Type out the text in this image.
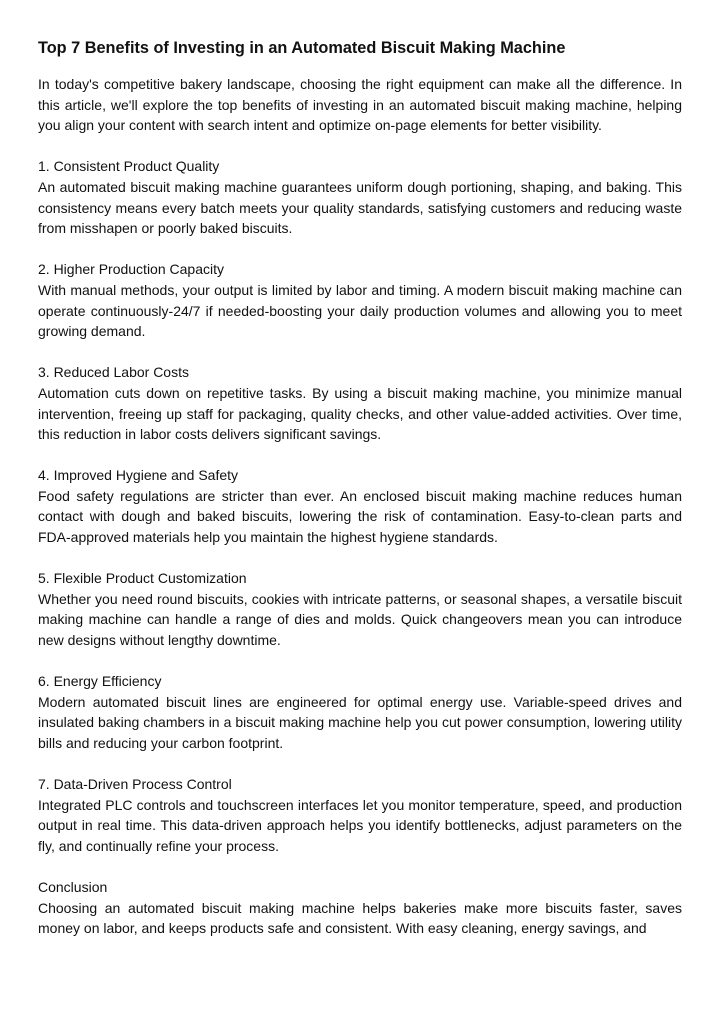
Top 7 Benefits of Investing in an Automated Biscuit Making Machine

In today's competitive bakery landscape, choosing the right equipment can make all the difference. In this article, we'll explore the top benefits of investing in an automated biscuit making machine, helping you align your content with search intent and optimize on-page elements for better visibility.

1. Consistent Product Quality
An automated biscuit making machine guarantees uniform dough portioning, shaping, and baking. This consistency means every batch meets your quality standards, satisfying customers and reducing waste from misshapen or poorly baked biscuits.
2. Higher Production Capacity
With manual methods, your output is limited by labor and timing. A modern biscuit making machine can operate continuously-24/7 if needed-boosting your daily production volumes and allowing you to meet growing demand.
3. Reduced Labor Costs
Automation cuts down on repetitive tasks. By using a biscuit making machine, you minimize manual intervention, freeing up staff for packaging, quality checks, and other value-added activities. Over time, this reduction in labor costs delivers significant savings.
4. Improved Hygiene and Safety
Food safety regulations are stricter than ever. An enclosed biscuit making machine reduces human contact with dough and baked biscuits, lowering the risk of contamination. Easy-to-clean parts and FDA-approved materials help you maintain the highest hygiene standards.
5. Flexible Product Customization
Whether you need round biscuits, cookies with intricate patterns, or seasonal shapes, a versatile biscuit making machine can handle a range of dies and molds. Quick changeovers mean you can introduce new designs without lengthy downtime.
6. Energy Efficiency
Modern automated biscuit lines are engineered for optimal energy use. Variable-speed drives and insulated baking chambers in a biscuit making machine help you cut power consumption, lowering utility bills and reducing your carbon footprint.
7. Data-Driven Process Control
Integrated PLC controls and touchscreen interfaces let you monitor temperature, speed, and production output in real time. This data-driven approach helps you identify bottlenecks, adjust parameters on the fly, and continually refine your process.
Conclusion
Choosing an automated biscuit making machine helps bakeries make more biscuits faster, saves money on labor, and keeps products safe and consistent. With easy cleaning, energy savings, and
